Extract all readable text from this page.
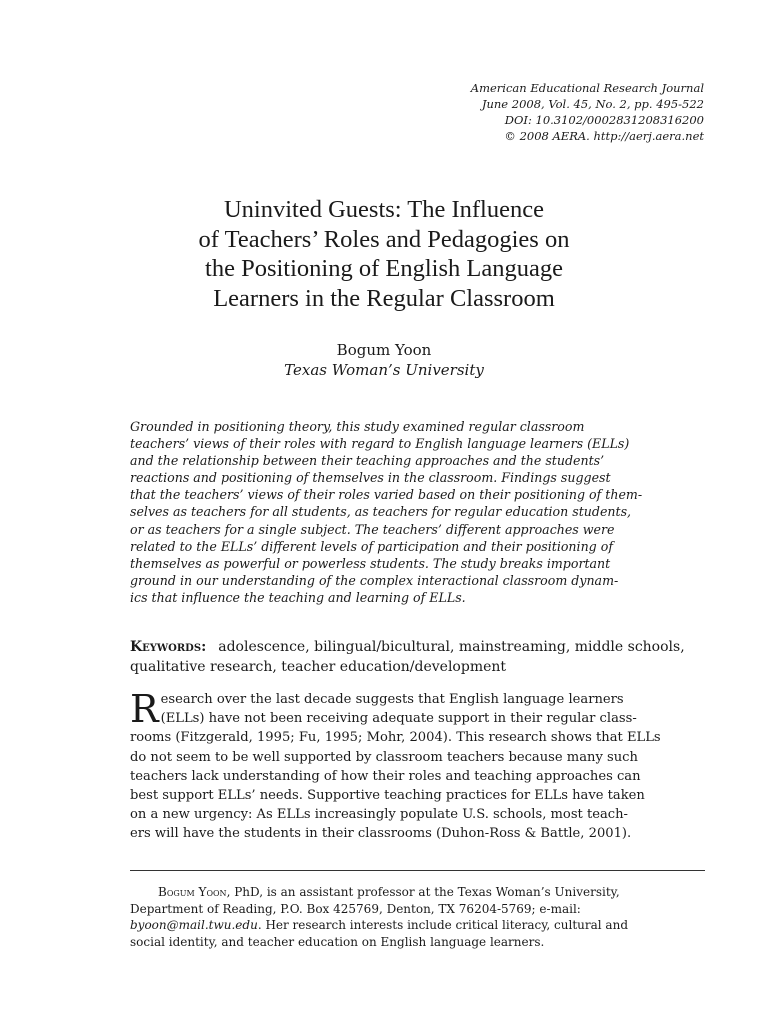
American Educational Research Journal
June 2008, Vol. 45, No. 2, pp. 495-522
DOI: 10.3102/0002831208316200
© 2008 AERA. http://aerj.aera.net
Uninvited Guests: The Influence
of Teachers’ Roles and Pedagogies on
the Positioning of English Language
Learners in the Regular Classroom
Bogum Yoon
Texas Woman’s University
Grounded in positioning theory, this study examined regular classroom
teachers’ views of their roles with regard to English language learners (ELLs)
and the relationship between their teaching approaches and the students’
reactions and positioning of themselves in the classroom. Findings suggest
that the teachers’ views of their roles varied based on their positioning of them-
selves as teachers for all students, as teachers for regular education students,
or as teachers for a single subject. The teachers’ different approaches were
related to the ELLs’ different levels of participation and their positioning of
themselves as powerful or powerless students. The study breaks important
ground in our understanding of the complex interactional classroom dynam-
ics that influence the teaching and learning of ELLs.
Keywords: adolescence, bilingual/bicultural, mainstreaming, middle schools,
qualitative research, teacher education/development
R esearch over the last decade suggests that English language learners
(ELLs) have not been receiving adequate support in their regular class-
rooms (Fitzgerald, 1995; Fu, 1995; Mohr, 2004). This research shows that ELLs
do not seem to be well supported by classroom teachers because many such
teachers lack understanding of how their roles and teaching approaches can
best support ELLs’ needs. Supportive teaching practices for ELLs have taken
on a new urgency: As ELLs increasingly populate U.S. schools, most teach-
ers will have the students in their classrooms (Duhon-Ross & Battle, 2001).
Bogum Yoon, PhD, is an assistant professor at the Texas Woman’s University,
Department of Reading, P.O. Box 425769, Denton, TX 76204-5769; e-mail:
byoon@mail.twu.edu. Her research interests include critical literacy, cultural and
social identity, and teacher education on English language learners.
